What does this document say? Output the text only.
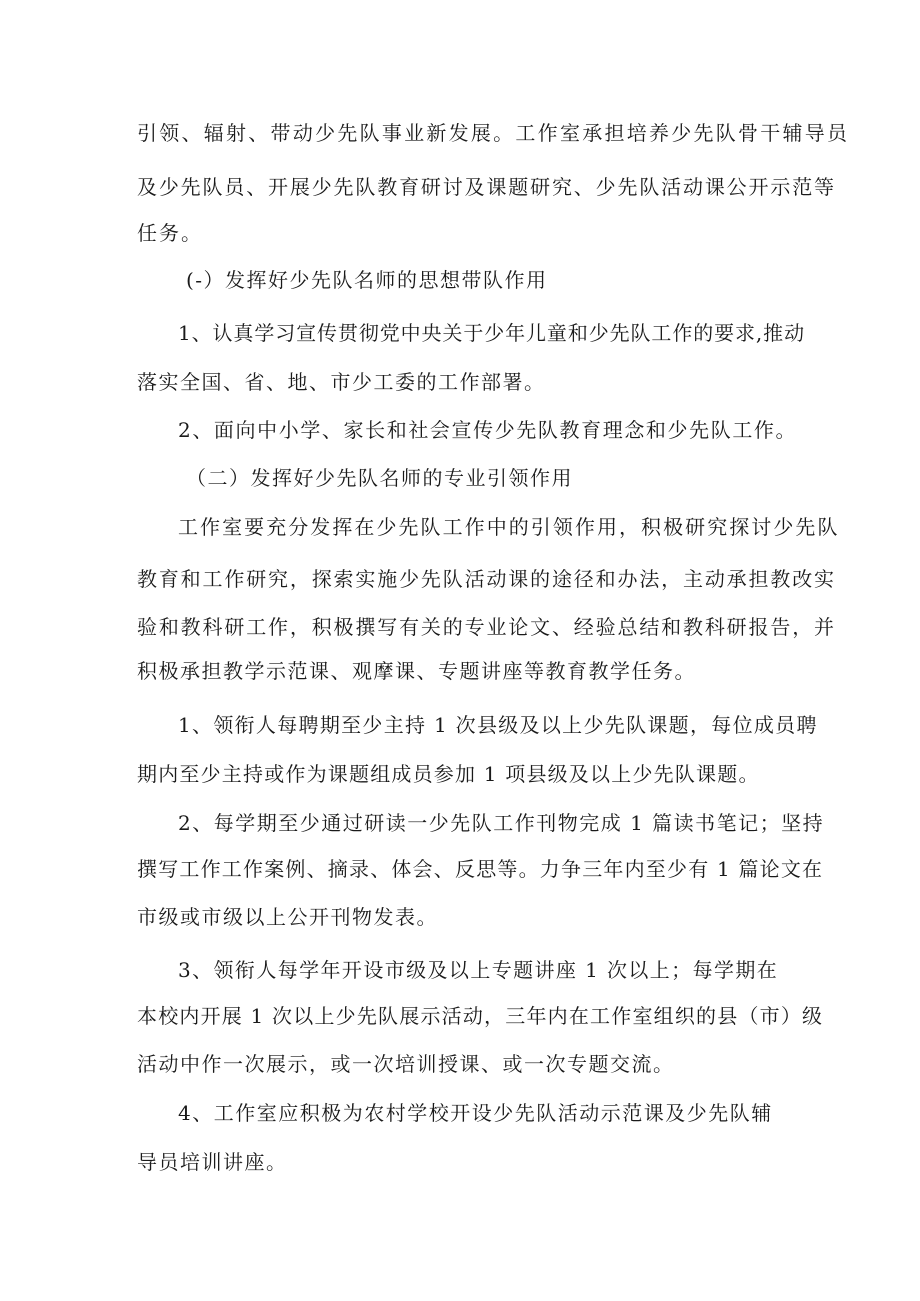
引领、辐射、带动少先队事业新发展。工作室承担培养少先队骨干辅导员

及少先队员、开展少先队教育研讨及课题研究、少先队活动课公开示范等

任务。

(-）发挥好少先队名师的思想带队作用

1、认真学习宣传贯彻党中央关于少年儿童和少先队工作的要求,推动

落实全国、省、地、市少工委的工作部署。

2、面向中小学、家长和社会宣传少先队教育理念和少先队工作。

（二）发挥好少先队名师的专业引领作用

工作室要充分发挥在少先队工作中的引领作用，积极研究探讨少先队

教育和工作研究，探索实施少先队活动课的途径和办法，主动承担教改实

验和教科研工作，积极撰写有关的专业论文、经验总结和教科研报告，并

积极承担教学示范课、观摩课、专题讲座等教育教学任务。

1、领衔人每聘期至少主持 1 次县级及以上少先队课题，每位成员聘

期内至少主持或作为课题组成员参加 1 项县级及以上少先队课题。

2、每学期至少通过研读一少先队工作刊物完成 1 篇读书笔记；坚持

撰写工作工作案例、摘录、体会、反思等。力争三年内至少有 1 篇论文在

市级或市级以上公开刊物发表。

3、领衔人每学年开设市级及以上专题讲座 1 次以上；每学期在

本校内开展 1 次以上少先队展示活动，三年内在工作室组织的县（市）级

活动中作一次展示，或一次培训授课、或一次专题交流。

4、工作室应积极为农村学校开设少先队活动示范课及少先队辅

导员培训讲座。
